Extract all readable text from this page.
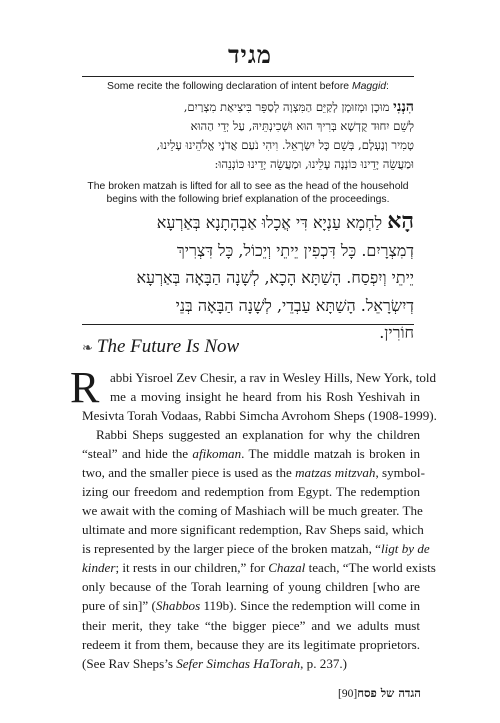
מגיד
Some recite the following declaration of intent before Maggid:
הִנְנִי מוּכָן וּמְזוּמָן לְקַיֵּם הַמִּצְוָה לְסַפֵּר בִּיצִיאַת מִצְרַיִם,
לְשֵׁם יִחוּד קֻדְשָׁא בְּרִיךְ הוּא וּשְׁכִינְתֵּיהּ, עַל יְדֵי הַהוּא
טָמִיר וְנֶעְלָם, בְּשֵׁם כָּל יִשְׂרָאֵל. וִיהִי נֹעַם אֲדֹנָי אֱלֹהֵינוּ עָלֵינוּ,
וּמַעֲשֵׂה יָדֵינוּ כּוֹנְנָה עָלֵינוּ, וּמַעֲשֵׂה יָדֵינוּ כּוֹנְנֵהוּ:
The broken matzah is lifted for all to see as the head of the household
begins with the following brief explanation of the proceedings.
הָא לַחְמָא עַנְיָא דִּי אֲכָלוּ אַבְהָתָנָא בְּאַרְעָא
דְמִצְרָיִם. כָּל דִּכְפִין יֵיתֵי וְיֵכוֹל, כָּל דִּצְרִיךְ
יֵיתֵי וְיִפְסַח. הָשַׁתָּא הָכָא, לְשָׁנָה הַבָּאָה בְּאַרְעָא
דְיִשְׂרָאֵל. הָשַׁתָּא עַבְדֵי, לְשָׁנָה הַבָּאָה בְּנֵי
חוֹרִין.
❧ The Future Is Now
R abbi Yisroel Zev Chesir, a rav in Wesley Hills, New York, told
me a moving insight he heard from his Rosh Yeshivah in
Mesivta Torah Vodaas, Rabbi Simcha Avrohom Sheps (1908-1999).
Rabbi Sheps suggested an explanation for why the children
“steal” and hide the afikoman. The middle matzah is broken in
two, and the smaller piece is used as the matzas mitzvah, symbol-
izing our freedom and redemption from Egypt. The redemption
we await with the coming of Mashiach will be much greater. The
ultimate and more significant redemption, Rav Sheps said, which
is represented by the larger piece of the broken matzah, “ligt by de
kinder; it rests in our children,” for Chazal teach, “The world exists
only because of the Torah learning of young children [who are
pure of sin]” (Shabbos 119b). Since the redemption will come in
their merit, they take “the bigger piece” and we adults must
redeem it from them, because they are its legitimate proprietors.
(See Rav Sheps’s Sefer Simchas HaTorah, p. 237.)
הגדה של פסח[90]
